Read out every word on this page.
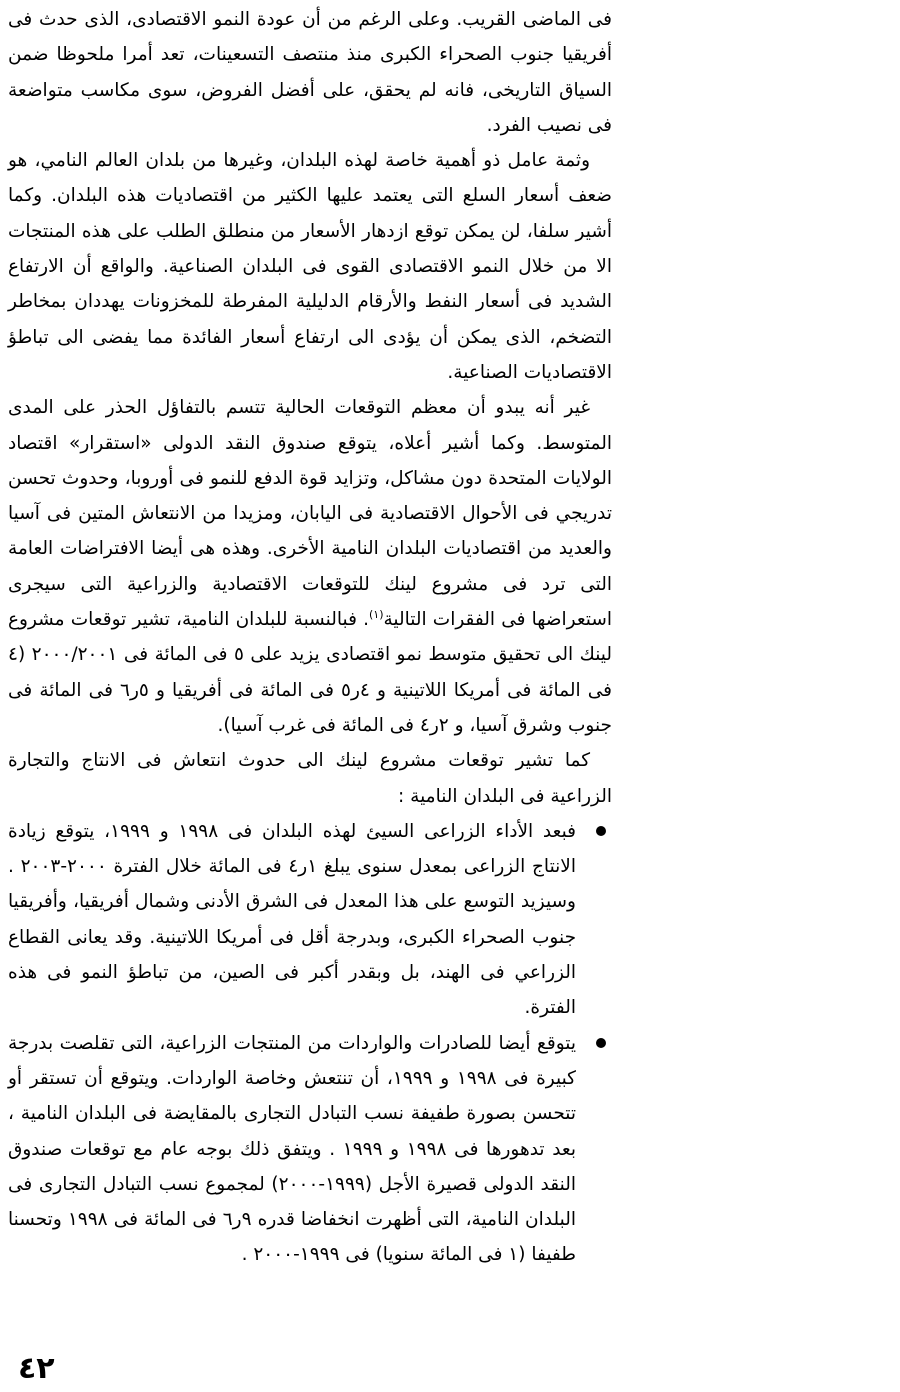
فى الماضى القريب. وعلى الرغم من أن عودة النمو الاقتصادى، الذى حدث فى أفريقيا جنوب الصحراء الكبرى منذ منتصف التسعينات، تعد أمرا ملحوظا ضمن السياق التاريخى، فانه لم يحقق، على أفضل الفروض، سوى مكاسب متواضعة فى نصيب الفرد.

وثمة عامل ذو أهمية خاصة لهذه البلدان، وغيرها من بلدان العالم النامي، هو ضعف أسعار السلع التى يعتمد عليها الكثير من اقتصاديات هذه البلدان. وكما أشير سلفا، لن يمكن توقع ازدهار الأسعار من منطلق الطلب على هذه المنتجات الا من خلال النمو الاقتصادى القوى فى البلدان الصناعية. والواقع أن الارتفاع الشديد فى أسعار النفط والأرقام الدليلية المفرطة للمخزونات يهددان بمخاطر التضخم، الذى يمكن أن يؤدى الى ارتفاع أسعار الفائدة مما يفضى الى تباطؤ الاقتصاديات الصناعية.

غير أنه يبدو أن معظم التوقعات الحالية تتسم بالتفاؤل الحذر على المدى المتوسط. وكما أشير أعلاه، يتوقع صندوق النقد الدولى «استقرار» اقتصاد الولايات المتحدة دون مشاكل، وتزايد قوة الدفع للنمو فى أوروبا، وحدوث تحسن تدريجي فى الأحوال الاقتصادية فى اليابان، ومزيدا من الانتعاش المتين فى آسيا والعديد من اقتصاديات البلدان النامية الأخرى. وهذه هى أيضا الافتراضات العامة التى ترد فى مشروع لينك للتوقعات الاقتصادية والزراعية التى سيجرى استعراضها فى الفقرات التالية$^{(١)}$. فبالنسبة للبلدان النامية، تشير توقعات مشروع لينك الى تحقيق متوسط نمو اقتصادى يزيد على ٥ فى المائة فى ٢٠٠٠/٢٠٠١ (٤ فى المائة فى أمريكا اللاتينية و ٤ر٥ فى المائة فى أفريقيا و ٥ر٦ فى المائة فى جنوب وشرق آسيا، و ٢ر٤ فى المائة فى غرب آسيا).

كما تشير توقعات مشروع لينك الى حدوث انتعاش فى الانتاج والتجارة الزراعية فى البلدان النامية :

فبعد الأداء الزراعى السيئ لهذه البلدان فى ١٩٩٨ و ١٩٩٩، يتوقع زيادة الانتاج الزراعى بمعدل سنوى يبلغ ١ر٤ فى المائة خلال الفترة ٢٠٠٠-٢٠٠٣ . وسيزيد التوسع على هذا المعدل فى الشرق الأدنى وشمال أفريقيا، وأفريقيا جنوب الصحراء الكبرى، وبدرجة أقل فى أمريكا اللاتينية. وقد يعانى القطاع الزراعي فى الهند، بل وبقدر أكبر فى الصين، من تباطؤ النمو فى هذه الفترة.
يتوقع أيضا للصادرات والواردات من المنتجات الزراعية، التى تقلصت بدرجة كبيرة فى ١٩٩٨ و ١٩٩٩، أن تنتعش وخاصة الواردات. ويتوقع أن تستقر أو تتحسن بصورة طفيفة نسب التبادل التجارى بالمقايضة فى البلدان النامية ، بعد تدهورها فى ١٩٩٨ و ١٩٩٩ . ويتفق ذلك بوجه عام مع توقعات صندوق النقد الدولى قصيرة الأجل (١٩٩٩-٢٠٠٠) لمجموع نسب التبادل التجارى فى البلدان النامية، التى أظهرت انخفاضا قدره ٩ر٦ فى المائة فى ١٩٩٨ وتحسنا طفيفا (١ فى المائة سنويا) فى ١٩٩٩-٢٠٠٠ .
٤٢
